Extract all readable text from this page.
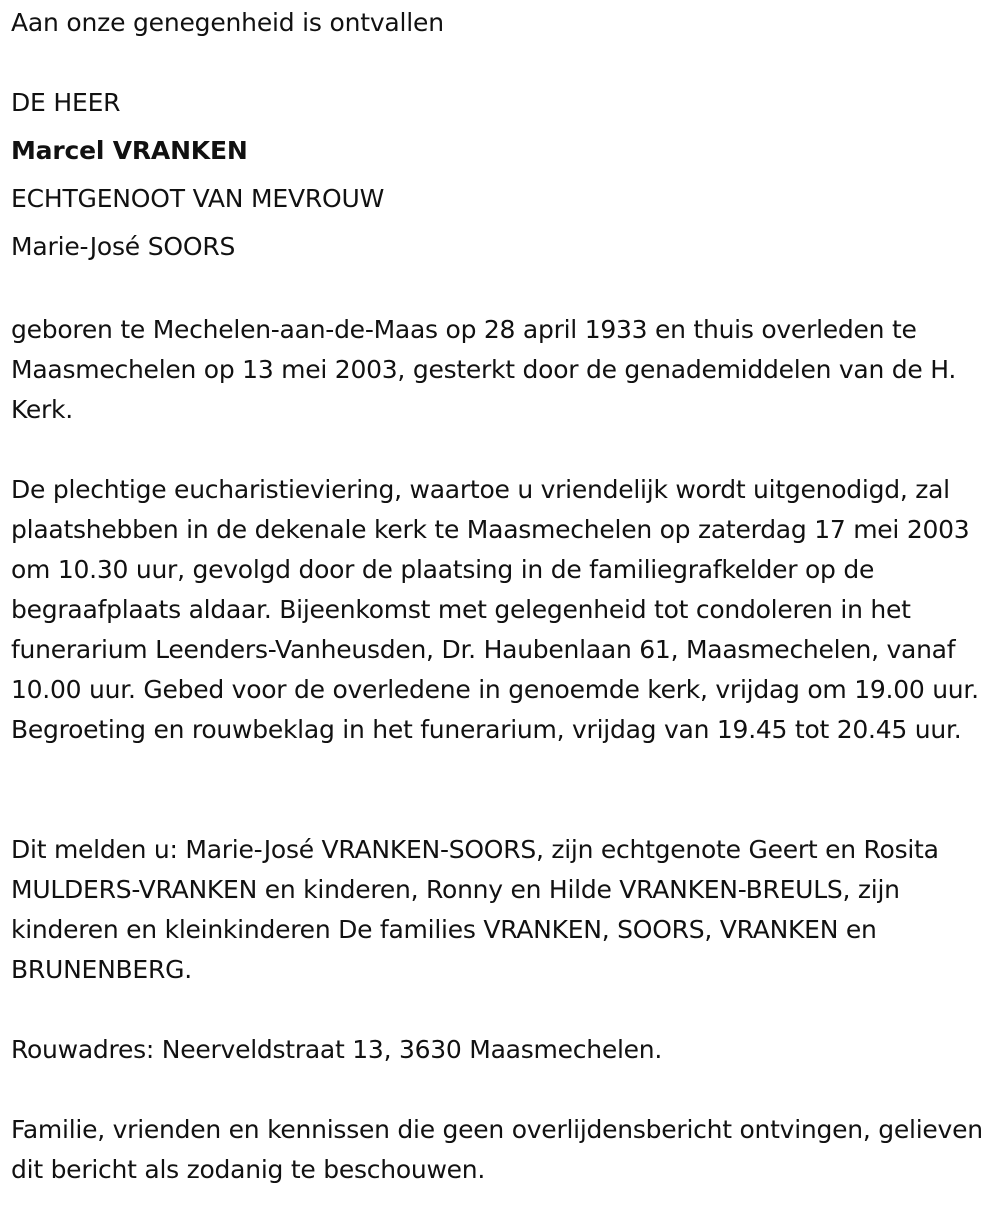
Aan onze genegenheid is ontvallen
DE HEER
Marcel VRANKEN
ECHTGENOOT VAN MEVROUW
Marie-José SOORS

geboren te Mechelen-aan-de-Maas op 28 april 1933 en thuis overleden te Maasmechelen op 13 mei 2003, gesterkt door de genademiddelen van de H. Kerk.

De plechtige eucharistieviering, waartoe u vriendelijk wordt uitgenodigd, zal plaatshebben in de dekenale kerk te Maasmechelen op zaterdag 17 mei 2003 om 10.30 uur, gevolgd door de plaatsing in de familiegrafkelder op de begraafplaats aldaar. Bijeenkomst met gelegenheid tot condoleren in het funerarium Leenders-Vanheusden, Dr. Haubenlaan 61, Maasmechelen, vanaf 10.00 uur. Gebed voor de overledene in genoemde kerk, vrijdag om 19.00 uur. Begroeting en rouwbeklag in het funerarium, vrijdag van 19.45 tot 20.45 uur.

Dit melden u: Marie-José VRANKEN-SOORS, zijn echtgenote Geert en Rosita MULDERS-VRANKEN en kinderen, Ronny en Hilde VRANKEN-BREULS, zijn kinderen en kleinkinderen De families VRANKEN, SOORS, VRANKEN en BRUNENBERG.

Rouwadres: Neerveldstraat 13, 3630 Maasmechelen.

Familie, vrienden en kennissen die geen overlijdensbericht ontvingen, gelieven dit bericht als zodanig te beschouwen.
